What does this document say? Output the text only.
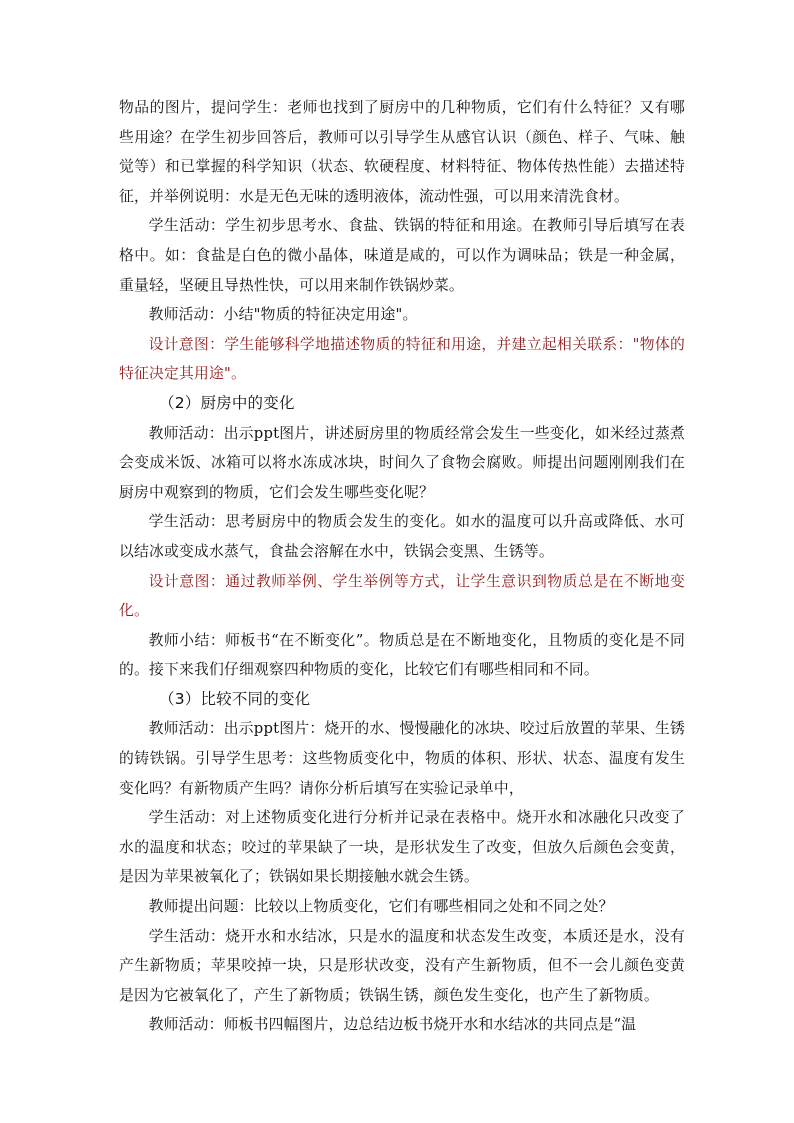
物品的图片，提问学生：老师也找到了厨房中的几种物质，它们有什么特征？又有哪些用途？在学生初步回答后，教师可以引导学生从感官认识（颜色、样子、气味、触觉等）和已掌握的科学知识（状态、软硬程度、材料特征、物体传热性能）去描述特征，并举例说明：水是无色无味的透明液体，流动性强，可以用来清洗食材。

学生活动：学生初步思考水、食盐、铁锅的特征和用途。在教师引导后填写在表格中。如：食盐是白色的微小晶体，味道是咸的，可以作为调味品；铁是一种金属，重量轻，坚硬且导热性快，可以用来制作铁锅炒菜。

教师活动：小结"物质的特征决定用途"。

设计意图：学生能够科学地描述物质的特征和用途，并建立起相关联系："物体的特征决定其用途"。

（2）厨房中的变化

教师活动：出示ppt图片，讲述厨房里的物质经常会发生一些变化，如米经过蒸煮会变成米饭、冰箱可以将水冻成冰块，时间久了食物会腐败。师提出问题刚刚我们在厨房中观察到的物质，它们会发生哪些变化呢？

学生活动：思考厨房中的物质会发生的变化。如水的温度可以升高或降低、水可以结冰或变成水蒸气，食盐会溶解在水中，铁锅会变黑、生锈等。

设计意图：通过教师举例、学生举例等方式，让学生意识到物质总是在不断地变化。

教师小结：师板书“在不断变化”。物质总是在不断地变化，且物质的变化是不同的。接下来我们仔细观察四种物质的变化，比较它们有哪些相同和不同。

（3）比较不同的变化

教师活动：出示ppt图片：烧开的水、慢慢融化的冰块、咬过后放置的苹果、生锈的铸铁锅。引导学生思考：这些物质变化中，物质的体积、形状、状态、温度有发生变化吗？有新物质产生吗？请你分析后填写在实验记录单中，

学生活动：对上述物质变化进行分析并记录在表格中。烧开水和冰融化只改变了水的温度和状态；咬过的苹果缺了一块，是形状发生了改变，但放久后颜色会变黄，是因为苹果被氧化了；铁锅如果长期接触水就会生锈。

教师提出问题：比较以上物质变化，它们有哪些相同之处和不同之处？

学生活动：烧开水和水结冰，只是水的温度和状态发生改变，本质还是水，没有产生新物质；苹果咬掉一块，只是形状改变，没有产生新物质，但不一会儿颜色变黄是因为它被氧化了，产生了新物质；铁锅生锈，颜色发生变化，也产生了新物质。

教师活动：师板书四幅图片，边总结边板书烧开水和水结冰的共同点是“温
